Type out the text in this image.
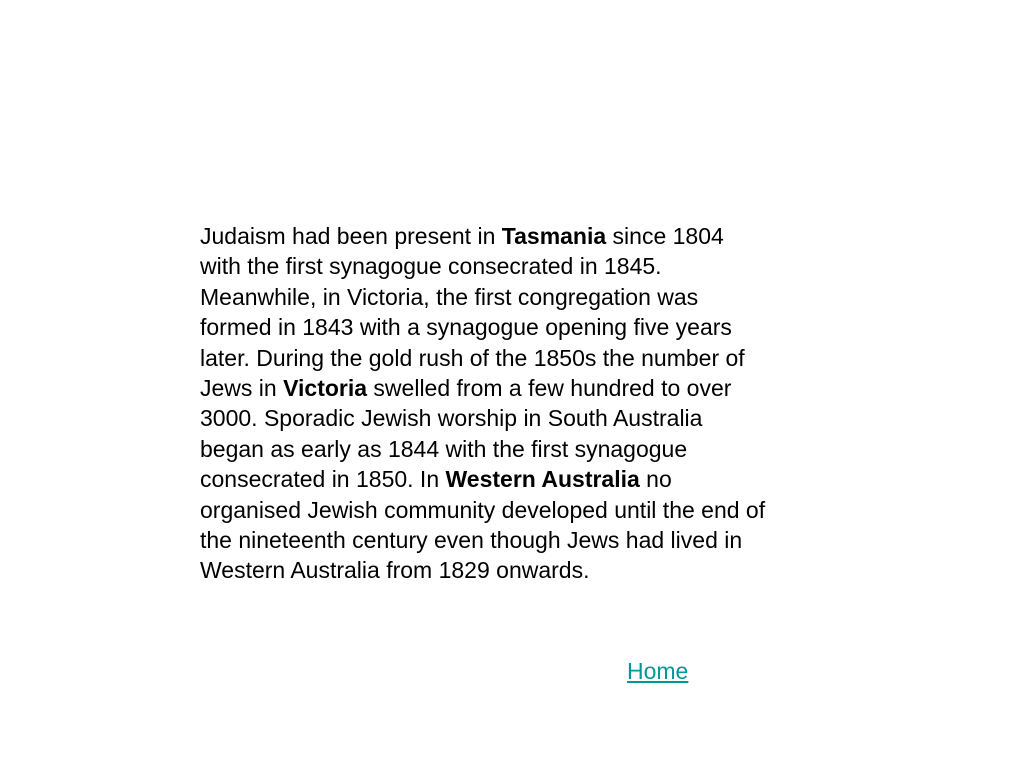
Judaism had been present in Tasmania since 1804
with the first synagogue consecrated in 1845.
Meanwhile, in Victoria, the first congregation was
formed in 1843 with a synagogue opening five years
later. During the gold rush of the 1850s the number of
Jews in Victoria swelled from a few hundred to over
3000. Sporadic Jewish worship in South Australia
began as early as 1844 with the first synagogue
consecrated in 1850. In Western Australia no
organised Jewish community developed until the end of
the nineteenth century even though Jews had lived in
Western Australia from 1829 onwards.

Home
